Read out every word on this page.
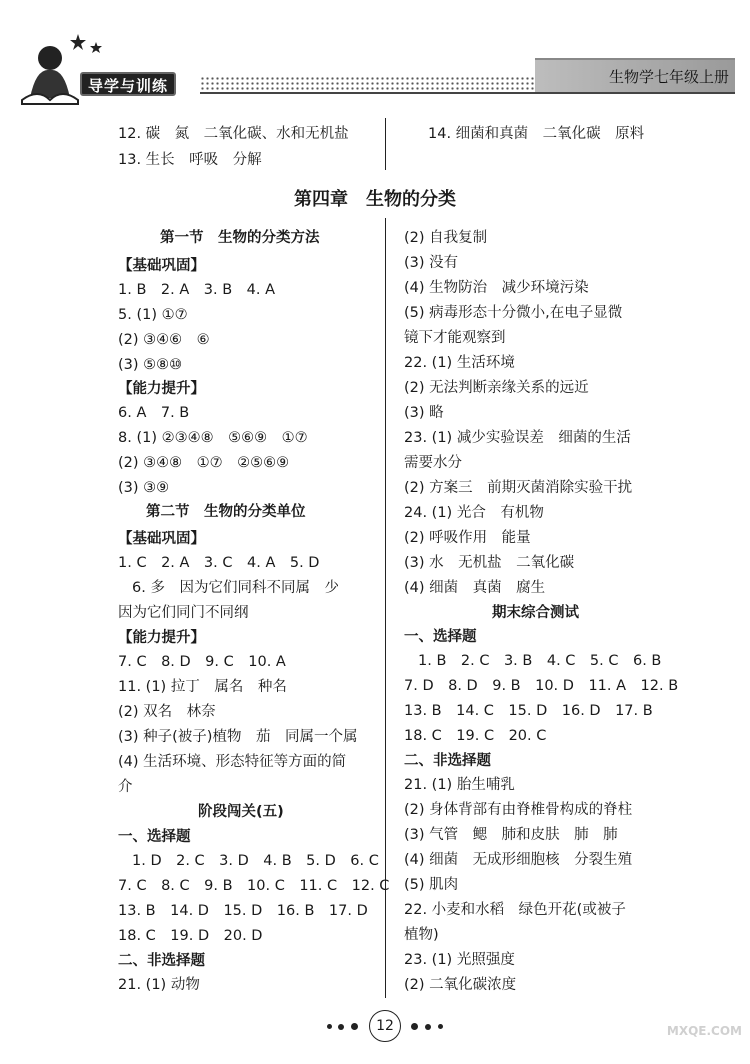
导学与训练	生物学七年级上册
12. 碳　氮　二氧化碳、水和无机盐
13. 生长　呼吸　分解
14. 细菌和真菌　二氧化碳　原料
第四章　生物的分类
第一节　生物的分类方法
【基础巩固】
1. B　2. A　3. B　4. A
5. (1) ①⑦
(2) ③④⑥　⑥
(3) ⑤⑧⑩
【能力提升】
6. A　7. B
8. (1) ②③④⑧　⑤⑥⑨　①⑦
(2) ③④⑧　①⑦　②⑤⑥⑨
(3) ③⑨
第二节　生物的分类单位
【基础巩固】
1. C　2. A　3. C　4. A　5. D
6. 多　因为它们同科不同属　少
因为它们同门不同纲
【能力提升】
7. C　8. D　9. C　10. A
11. (1) 拉丁　属名　种名
(2) 双名　林奈
(3) 种子(被子)植物　茄　同属一个属
(4) 生活环境、形态特征等方面的简
介
阶段闯关(五)
一、选择题
1. D　2. C　3. D　4. B　5. D　6. C
7. C　8. C　9. B　10. C　11. C　12. C
13. B　14. D　15. D　16. B　17. D
18. C　19. D　20. D
二、非选择题
21. (1) 动物
(2) 自我复制
(3) 没有
(4) 生物防治　减少环境污染
(5) 病毒形态十分微小,在电子显微
镜下才能观察到
22. (1) 生活环境
(2) 无法判断亲缘关系的远近
(3) 略
23. (1) 减少实验误差　细菌的生活
需要水分
(2) 方案三　前期灭菌消除实验干扰
24. (1) 光合　有机物
(2) 呼吸作用　能量
(3) 水　无机盐　二氧化碳
(4) 细菌　真菌　腐生
期末综合测试
一、选择题
1. B　2. C　3. B　4. C　5. C　6. B
7. D　8. D　9. B　10. D　11. A　12. B
13. B　14. C　15. D　16. D　17. B
18. C　19. C　20. C
二、非选择题
21. (1) 胎生哺乳
(2) 身体背部有由脊椎骨构成的脊柱
(3) 气管　鳃　肺和皮肤　肺　肺
(4) 细菌　无成形细胞核　分裂生殖
(5) 肌肉
22. 小麦和水稻　绿色开花(或被子
植物)
23. (1) 光照强度
(2) 二氧化碳浓度
12	MXQE.COM
